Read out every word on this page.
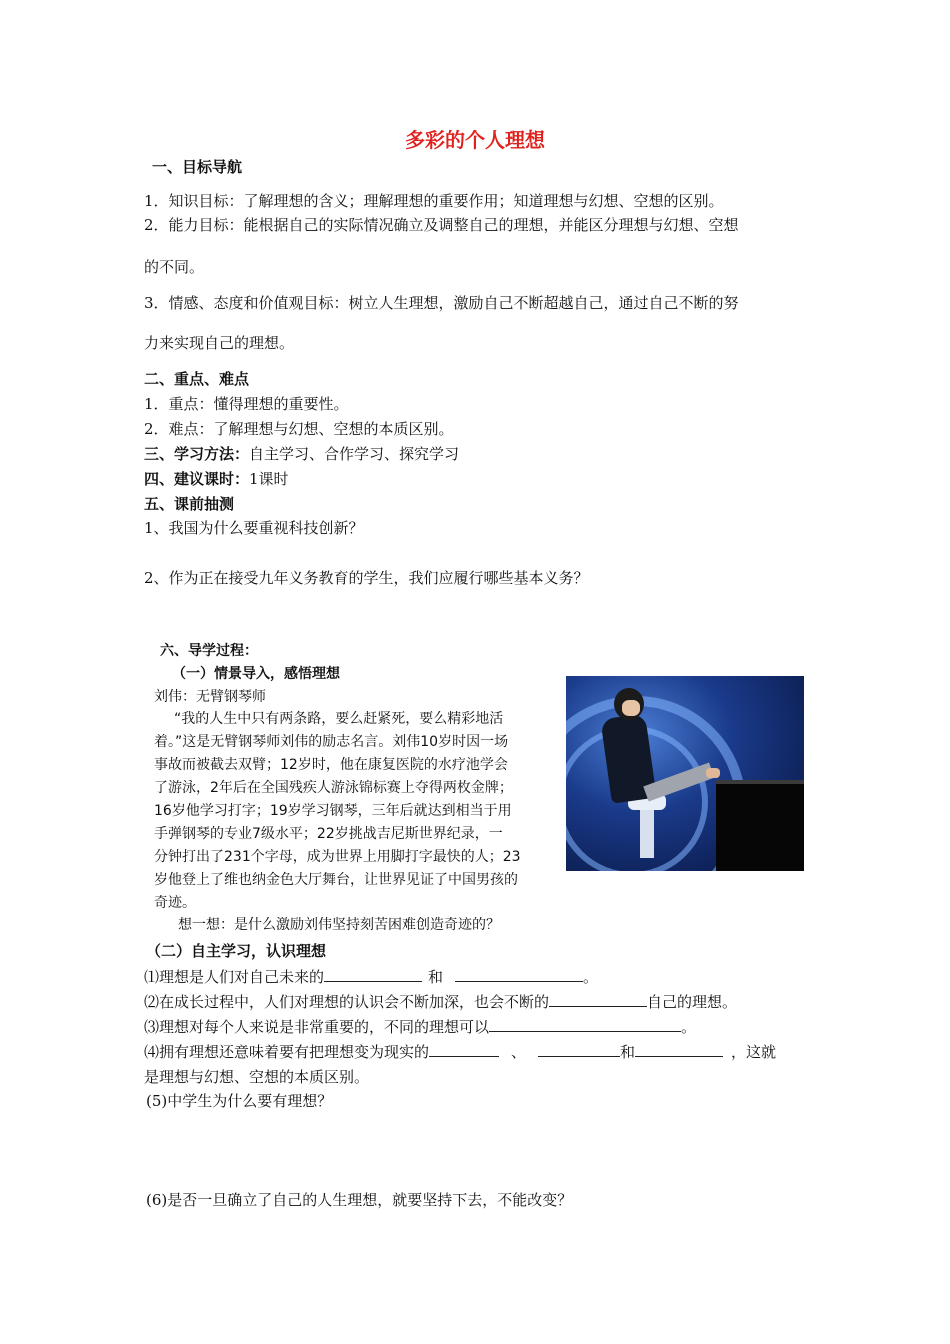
多彩的个人理想
一、目标导航
1．知识目标：了解理想的含义；理解理想的重要作用；知道理想与幻想、空想的区别。
2．能力目标：能根据自己的实际情况确立及调整自己的理想，并能区分理想与幻想、空想
的不同。
3．情感、态度和价值观目标：树立人生理想，激励自己不断超越自己，通过自己不断的努
力来实现自己的理想。
二、重点、难点
1．重点：懂得理想的重要性。
2．难点：了解理想与幻想、空想的本质区别。
三、学习方法：自主学习、合作学习、探究学习
四、建议课时：1课时
五、课前抽测
1、我国为什么要重视科技创新？
2、作为正在接受九年义务教育的学生，我们应履行哪些基本义务？
六、导学过程：
（一）情景导入，感悟理想
刘伟：无臂钢琴师
“我的人生中只有两条路，要么赶紧死，要么精彩地活
着。”这是无臂钢琴师刘伟的励志名言。刘伟10岁时因一场
事故而被截去双臂；12岁时，他在康复医院的水疗池学会
了游泳，2年后在全国残疾人游泳锦标赛上夺得两枚金牌；
16岁他学习打字；19岁学习钢琴，三年后就达到相当于用
手弹钢琴的专业7级水平；22岁挑战吉尼斯世界纪录，一
分钟打出了231个字母，成为世界上用脚打字最快的人；23
岁他登上了维也纳金色大厅舞台，让世界见证了中国男孩的
奇迹。
想一想：是什么激励刘伟坚持刻苦困难创造奇迹的？
（二）自主学习，认识理想
⑴理想是人们对自己未来的	和	。
⑵在成长过程中，人们对理想的认识会不断加深，也会不断的	自己的理想。
⑶理想对每个人来说是非常重要的，不同的理想可以	。
⑷拥有理想还意味着要有把理想变为现实的	、	和	，这就
是理想与幻想、空想的本质区别。
(5)中学生为什么要有理想？
(6)是否一旦确立了自己的人生理想，就要坚持下去，不能改变？
